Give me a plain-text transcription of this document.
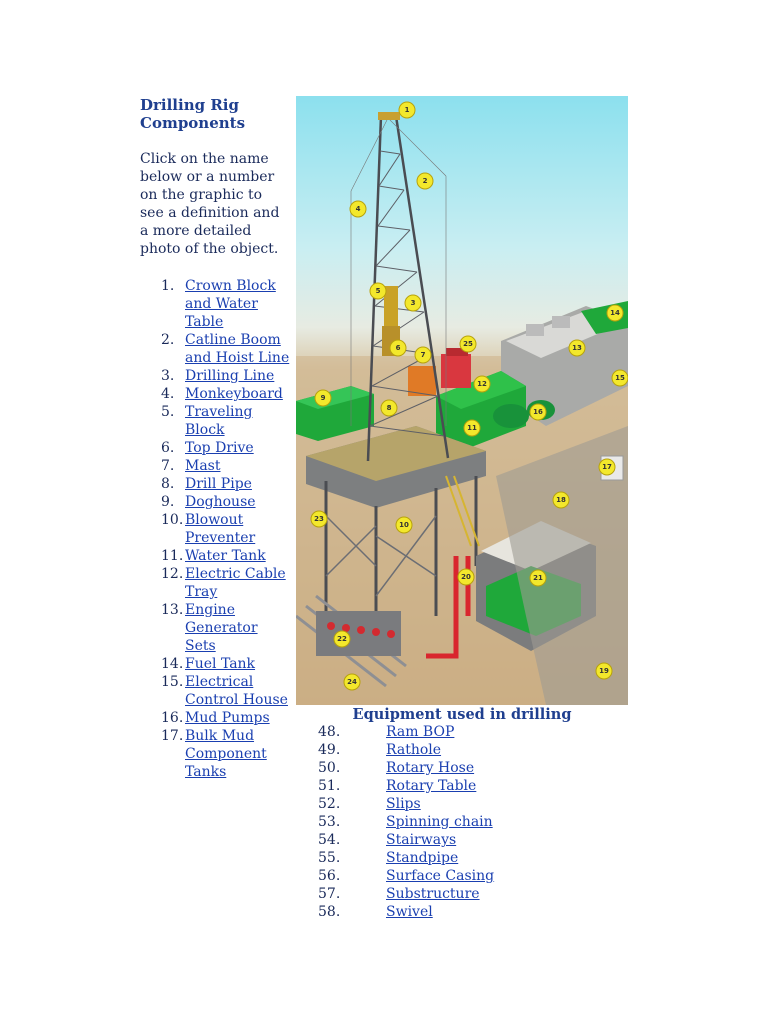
Drilling Rig Components
Click on the name below or a number on the graphic to see a definition and a more detailed photo of the object.
1. Crown Block and Water Table
2. Catline Boom and Hoist Line
3. Drilling Line
4. Monkeyboard
5. Traveling Block
6. Top Drive
7. Mast
8. Drill Pipe
9. Doghouse
10. Blowout Preventer
11. Water Tank
12. Electric Cable Tray
13. Engine Generator Sets
14. Fuel Tank
15. Electrical Control House
16. Mud Pumps
17. Bulk Mud Component Tanks
1
2
3
4
5
6
7
8
9
10
11
12
13
14
15
16
17
18
19
20	21
22
23
24
25
Equipment used in drilling
48.	Ram BOP
49.	Rathole
50.	Rotary Hose
51.	Rotary Table
52.	Slips
53.	Spinning chain
54.	Stairways
55.	Standpipe
56.	Surface Casing
57.	Substructure
58.	Swivel
